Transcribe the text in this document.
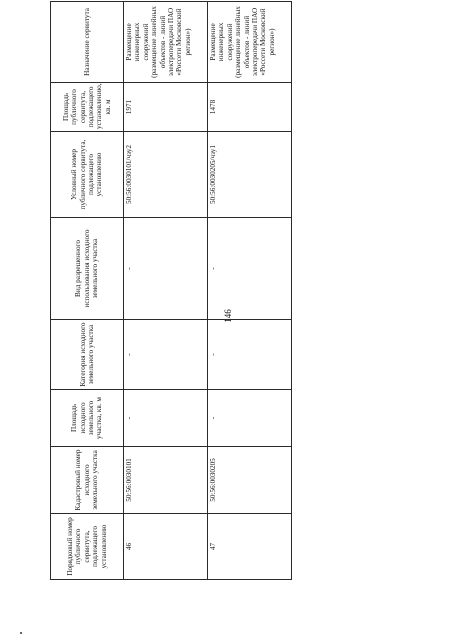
146
Порядковый номер публичного сервитута, подлежащего установлению	Кадастровый номер исходного земельного участка	Площадь исходного земельного участка, кв. м	Категория исходного земельного участка	Вид разрешенного использования исходного земельного участка	Условный номер публичного сервитута, подлежащего установлению	Площадь публичного сервитута, подлежащего установлению, кв. м	Назначение сервитута
46	50:56:0030101	-	-	-	50:56:0030101/чзу2	1971	Размещение инженерных сооружений (размещение линейных объектов - линий электропередачи ПАО «Россети Московский регион»)
47	50:56:0030205	-	-	-	50:56:0030205/чзу1	1478	Размещение инженерных сооружений (размещение линейных объектов - линий электропередачи ПАО «Россети Московский регион»)
